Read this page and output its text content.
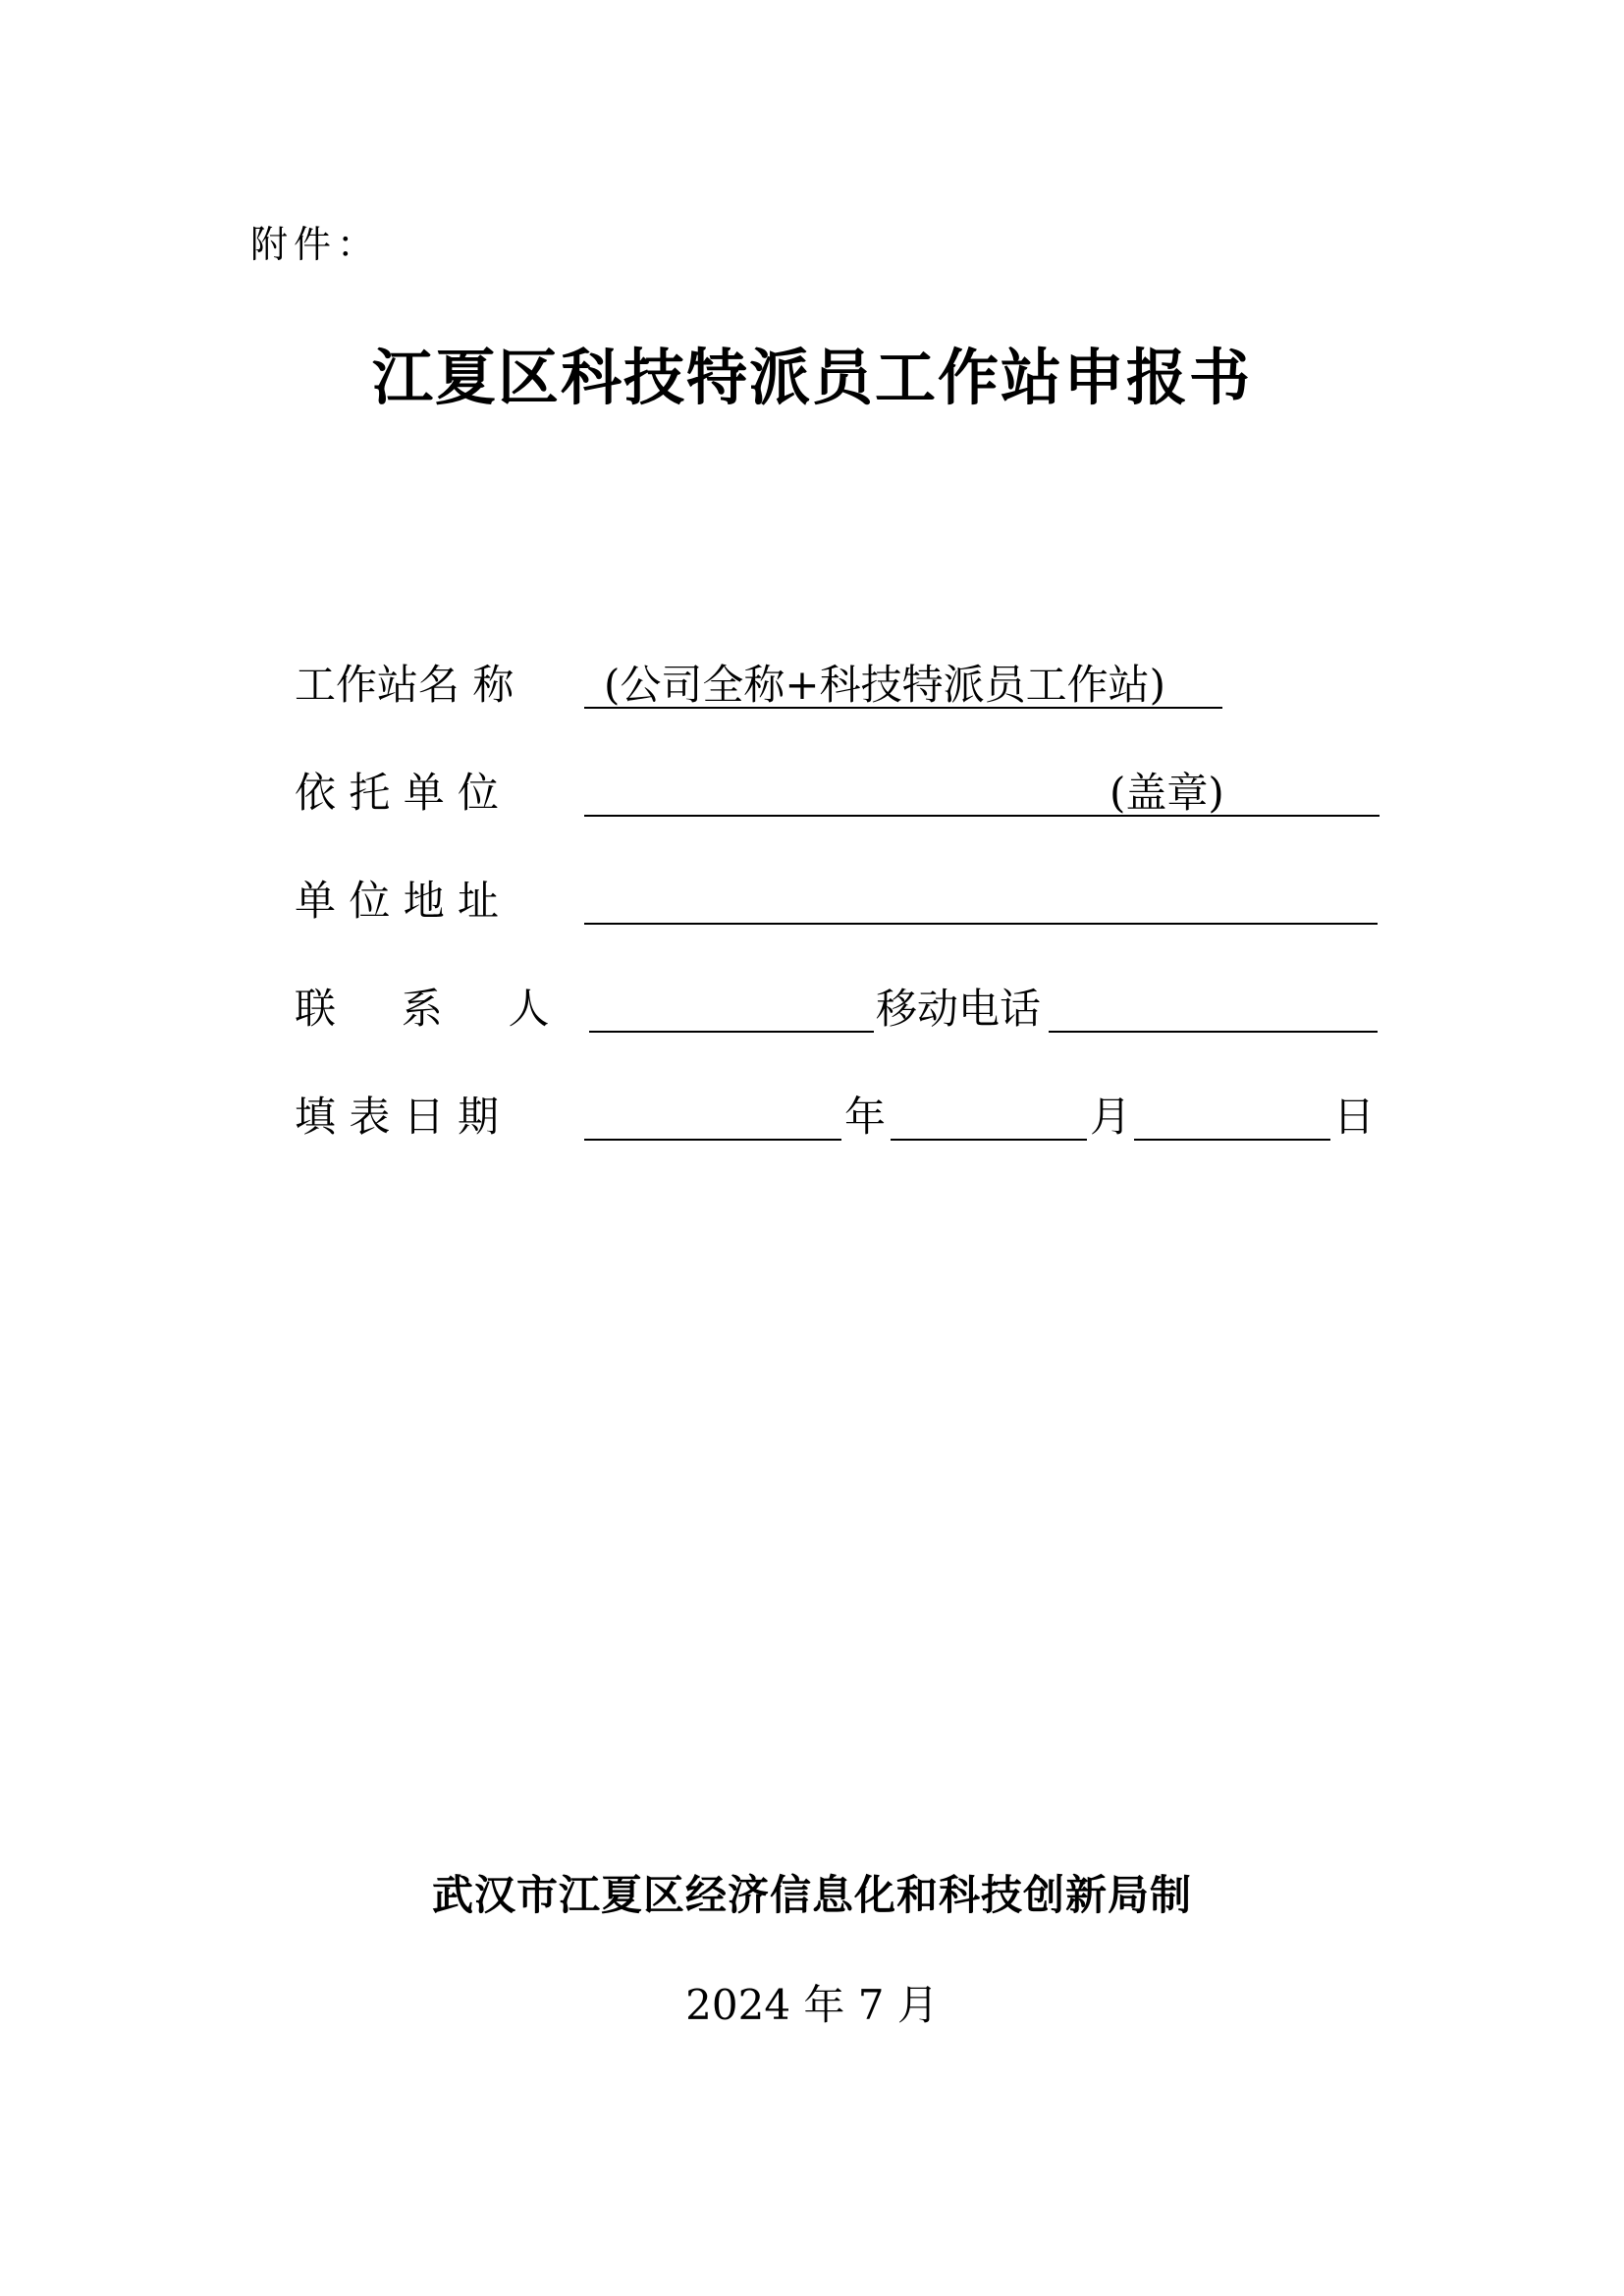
附件：
江夏区科技特派员工作站申报书
工作站名 称 (公司全称+科技特派员工作站)
依 托 单 位	(盖章)
单 位 地 址
联     系     人	移动电话
填 表 日 期	年	月	日
武汉市江夏区经济信息化和科技创新局制
2024 年 7 月
